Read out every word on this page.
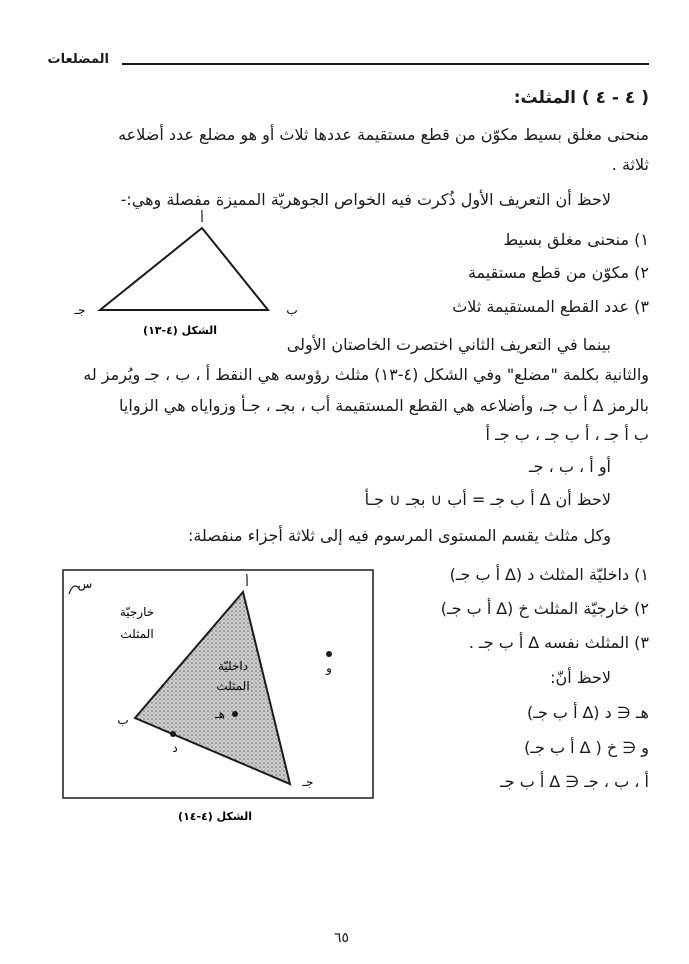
المضلعات
( ٤ - ٤ ) المثلث:
منحنى مغلق بسيط مكوّن من قطع مستقيمة عددها ثلاث أو هو مضلع عدد أضلاعه
ثلاثة .
لاحظ أن التعريف الأول ذُكرت فيه الخواص الجوهريّة المميزة مفصلة وهي:-
١) منحنى مغلق بسيط
٢) مكوّن من قطع مستقيمة
٣) عدد القطع المستقيمة ثلاث
أ
ب
جـ
الشكل (٤-١٣)
بينما في التعريف الثاني اختصرت الخاصتان الأولى
والثانية بكلمة "مضلع" وفي الشكل (٤-١٣) مثلث رؤوسه هي النقط أ ، ب ، جـ ويُرمز له
بالرمز ∆ أ ب جـ، وأضلاعه هي القطع المستقيمة أب ، بجـ ، جـأ وزواياه هي الزوايا
ب أ جـ ، أ ب جـ ، ب جـ أ
أو أ ، ب ، جـ
لاحظ أن ∆ أ ب جـ = أب ∪ بجـ ∪ جـأ
وكل مثلث يقسم المستوى المرسوم فيه إلى ثلاثة أجزاء منفصلة:
١) داخليّة المثلث د (∆ أ ب جـ)
٢) خارجيّة المثلث خ (∆ أ ب جـ)
٣) المثلث نفسه ∆ أ ب جـ .
لاحظ أنّ:
هـ ∈ د (∆ أ ب جـ)
و ∈ خ ( ∆ أ ب جـ)
أ ، ب ، جـ ∈ ∆ أ ب جـ
س	أ
ب
جـ
خارجيّة
المثلث
داخليّة
المثلث
هـ
و
د
الشكل (٤-١٤)
٦٥
